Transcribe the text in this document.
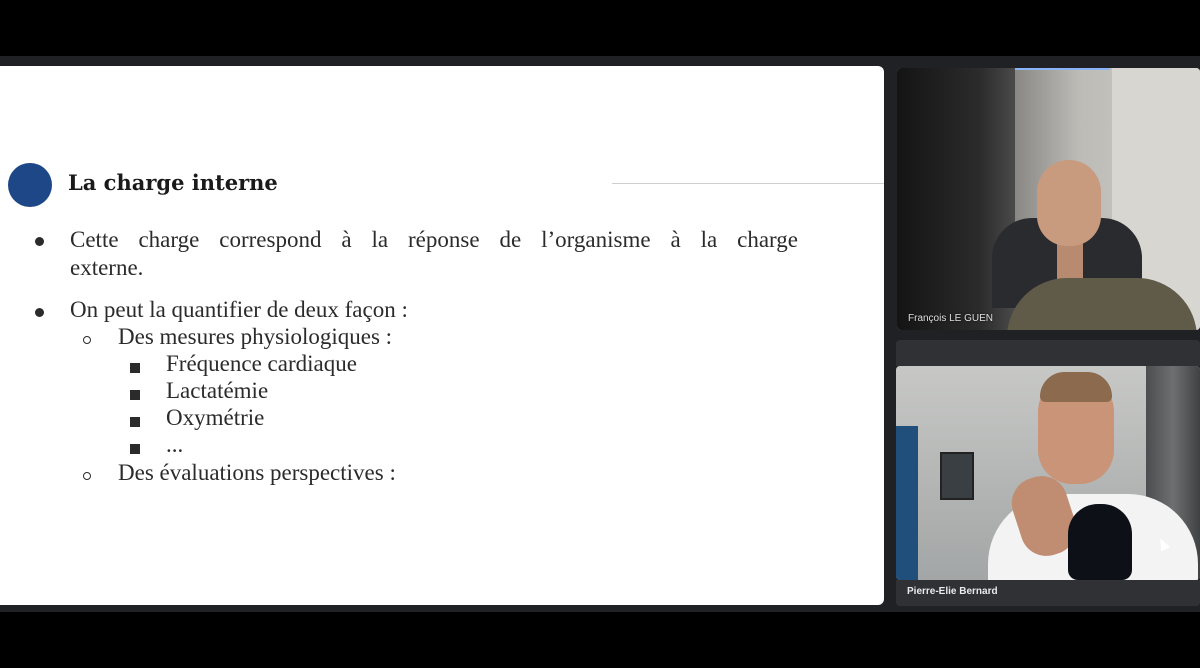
La charge interne
Cette charge correspond à la réponse de l’organisme à la charge
externe.
On peut la quantifier de deux façon :
Des mesures physiologiques :
Fréquence cardiaque
Lactatémie
Oxymétrie
...
Des évaluations perspectives :
François LE GUEN
Pierre-Elie Bernard
